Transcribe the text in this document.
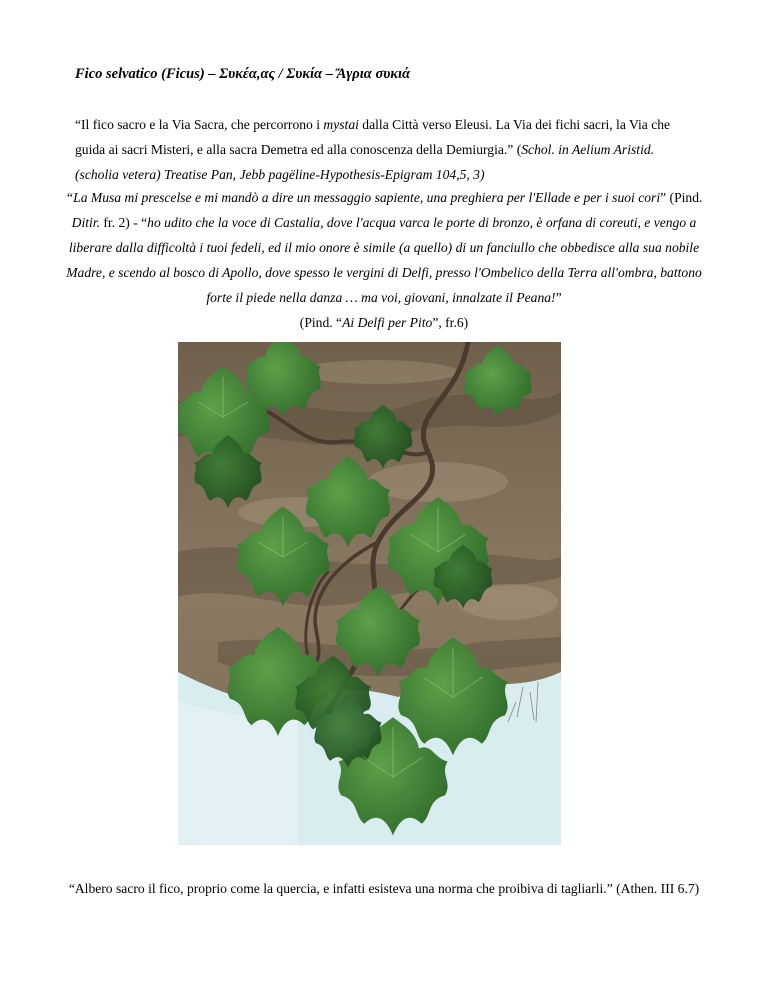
Fico selvatico (Ficus) – Συκέα,ας / Συκία – Ἄγρια συκιά
“Il fico sacro e la Via Sacra, che percorrono i mystai dalla Città verso Eleusi. La Via dei fichi sacri, la Via che guida ai sacri Misteri, e alla sacra Demetra ed alla conoscenza della Demiurgia.” (Schol. in Aelium Aristid. (scholia vetera) Treatise Pan, Jebb pagëline-Hypothesis-Epigram 104,5, 3)
“La Musa mi prescelse e mi mandò a dire un messaggio sapiente, una preghiera per l'Ellade e per i suoi cori” (Pind. Ditir. fr. 2) - “ho udito che la voce di Castalia, dove l'acqua varca le porte di bronzo, è orfana di coreuti, e vengo a liberare dalla difficoltà i tuoi fedeli, ed il mio onore è simile (a quello) di un fanciullo che obbedisce alla sua nobile Madre, e scendo al bosco di Apollo, dove spesso le vergini di Delfi, presso l'Ombelico della Terra all'ombra, battono forte il piede nella danza … ma voi, giovani, innalzate il Peana!”
(Pind. “Ai Delfi per Pito”, fr.6)
“Albero sacro il fico, proprio come la quercia, e infatti esisteva una norma che proibiva di tagliarli.” (Athen. III 6.7)
